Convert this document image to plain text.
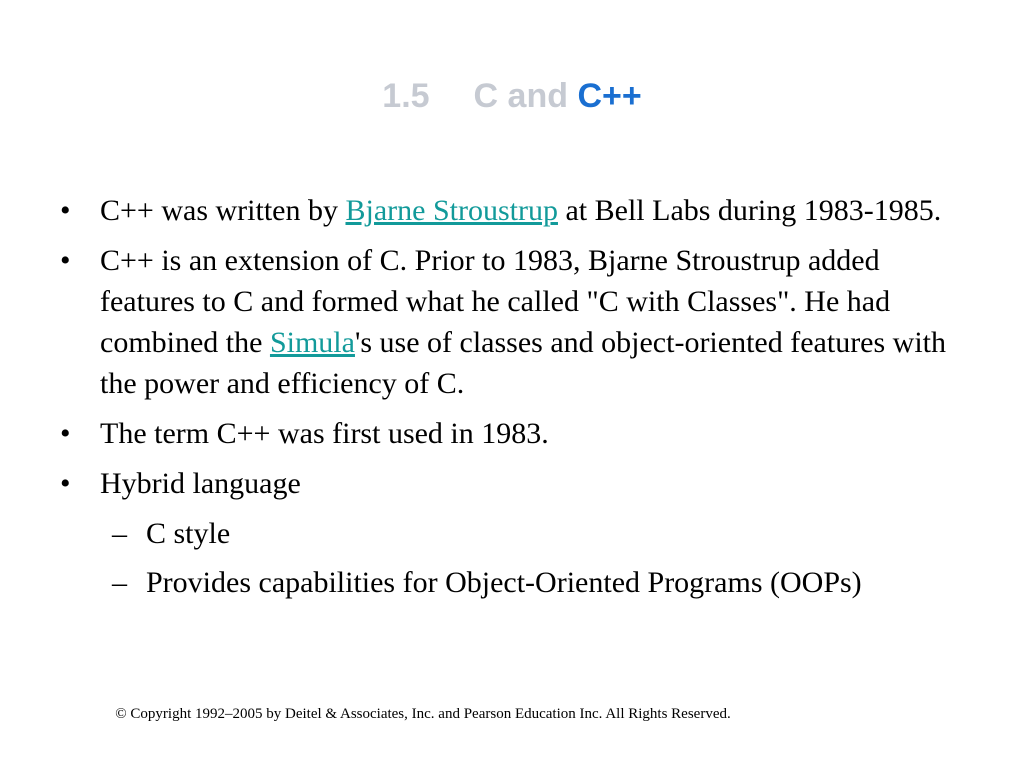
1.5 C and C++
• C++ was written by Bjarne Stroustrup at Bell Labs during 1983-1985.
• C++ is an extension of C. Prior to 1983, Bjarne Stroustrup added features to C and formed what he called "C with Classes". He had combined the Simula's use of classes and object-oriented features with the power and efficiency of C.
• The term C++ was first used in 1983.
• Hybrid language
– C style
– Provides capabilities for Object-Oriented Programs (OOPs)
© Copyright 1992–2005 by Deitel & Associates, Inc. and Pearson Education Inc. All Rights Reserved.
